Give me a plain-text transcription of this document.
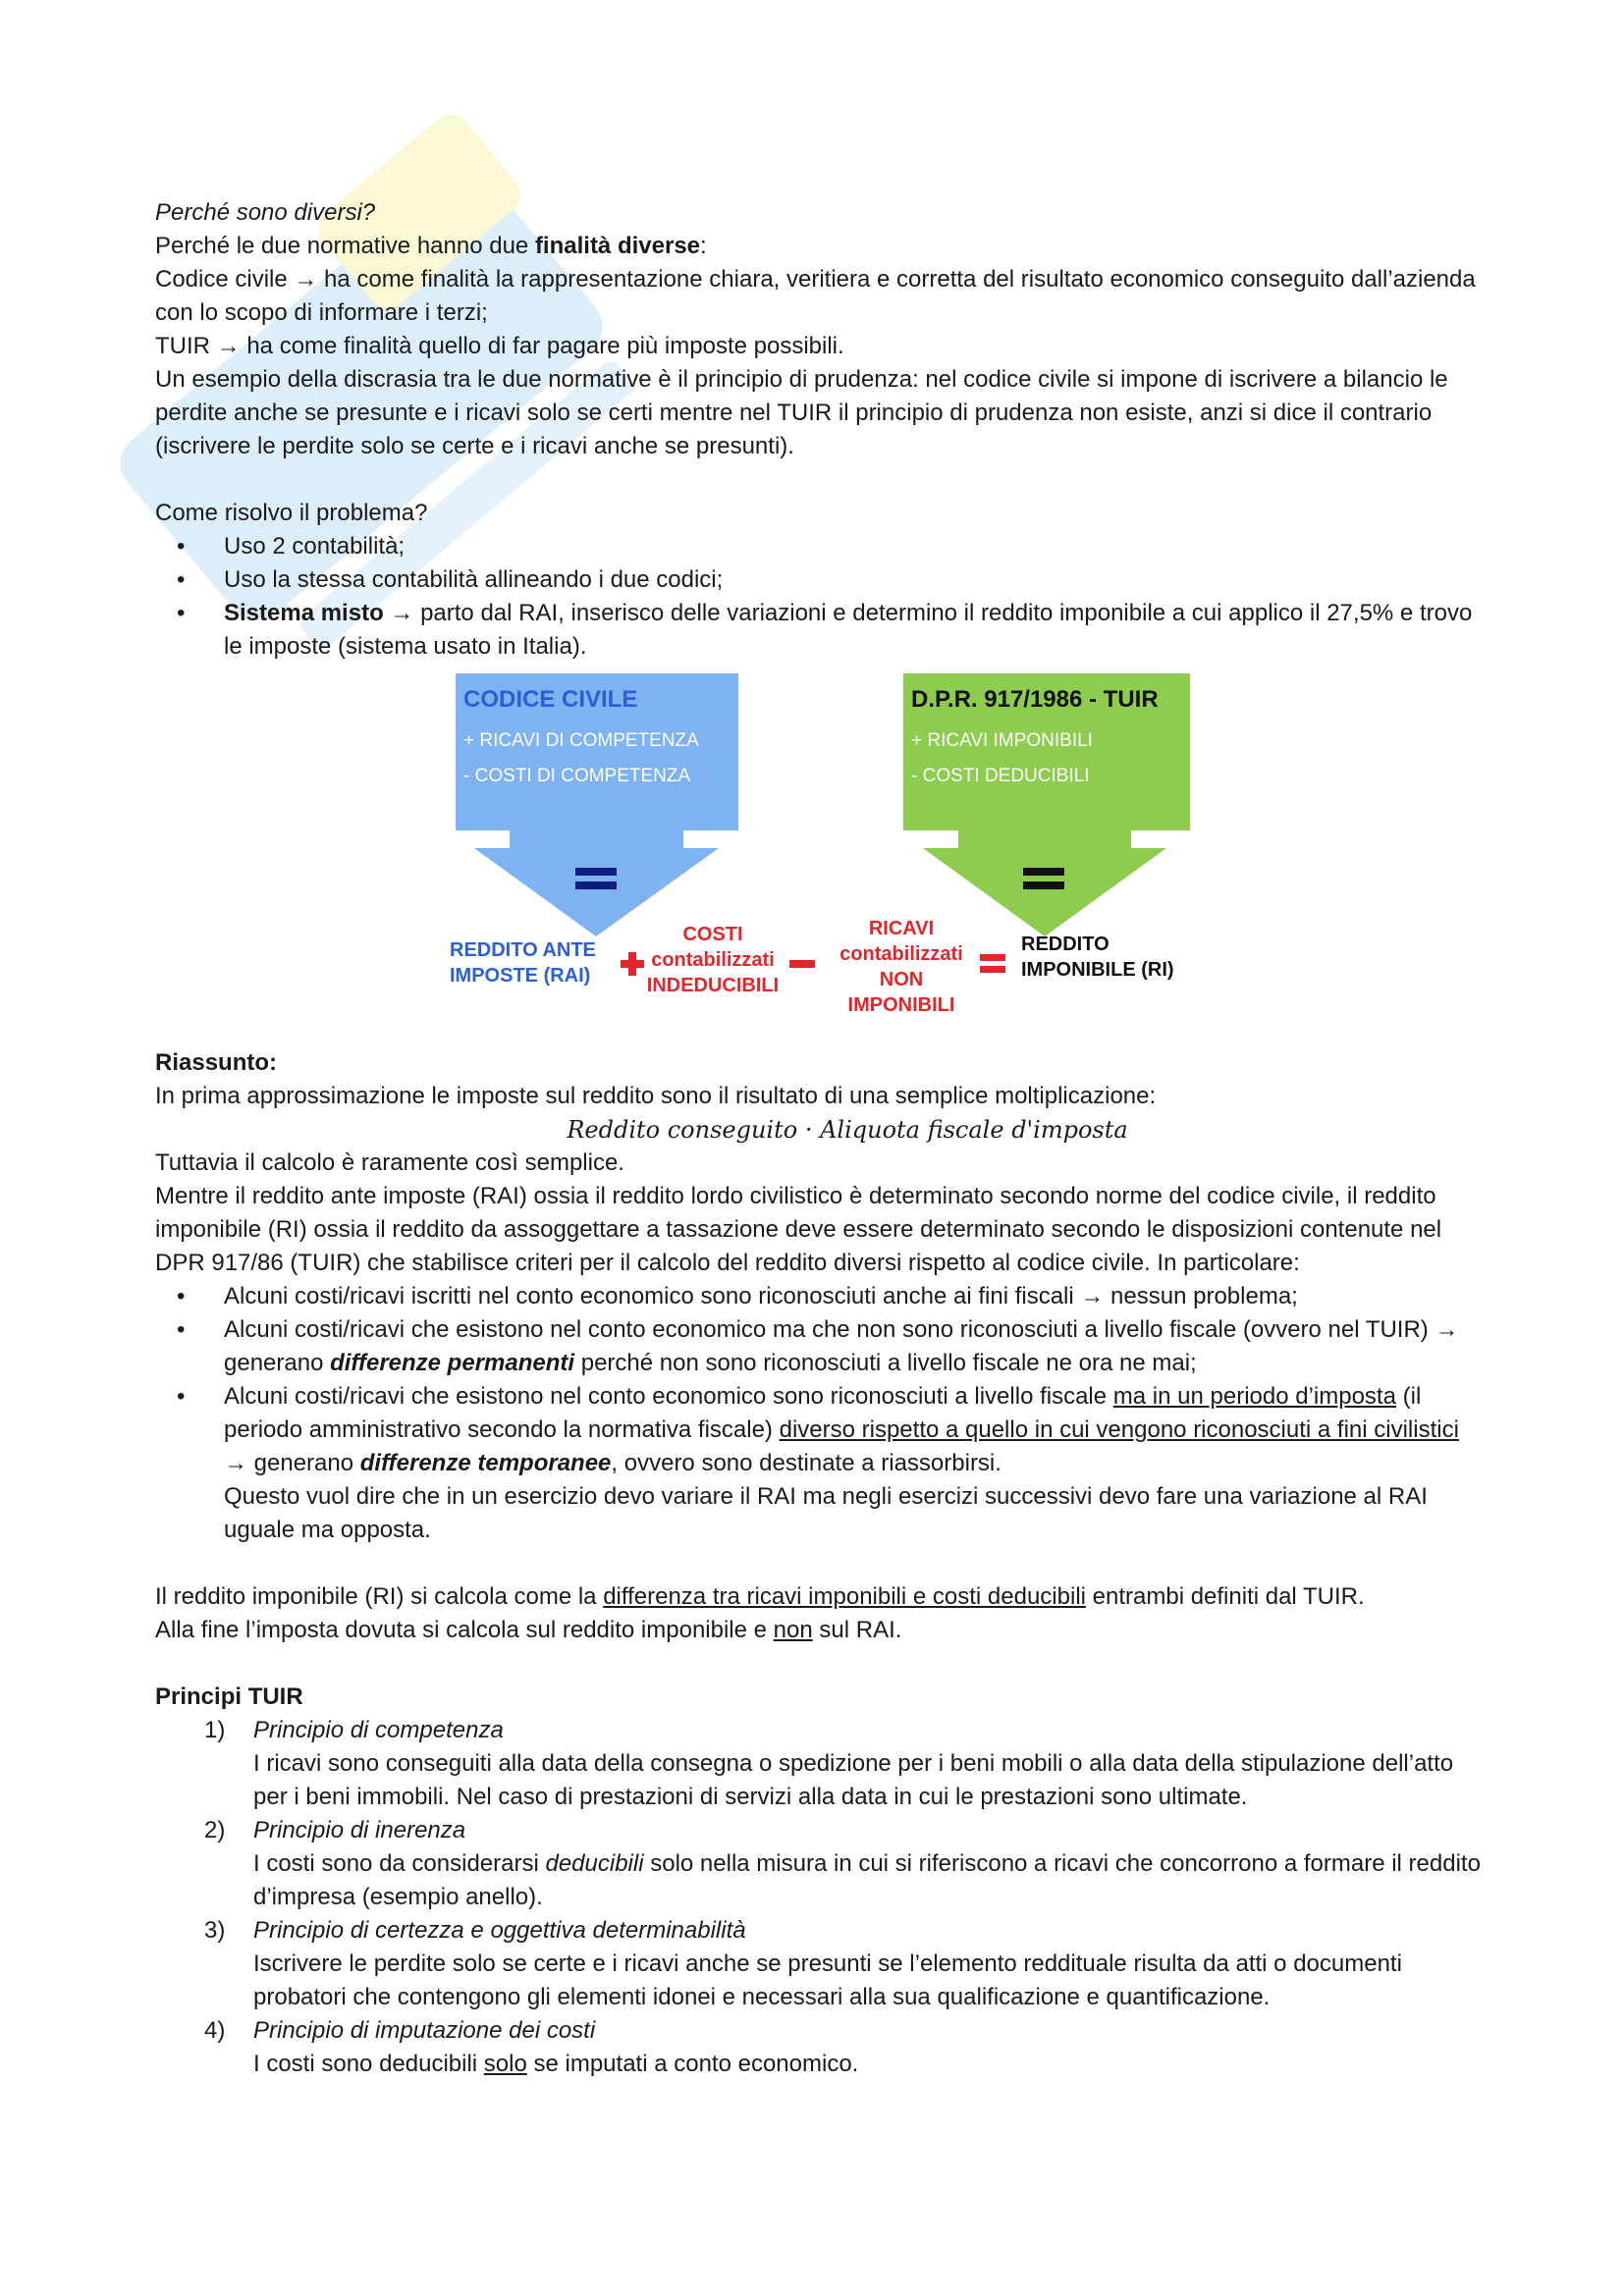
Perché sono diversi?

Perché le due normative hanno due finalità diverse:

Codice civile → ha come finalità la rappresentazione chiara, veritiera e corretta del risultato economico conseguito dall’azienda con lo scopo di informare i terzi;

TUIR → ha come finalità quello di far pagare più imposte possibili.

Un esempio della discrasia tra le due normative è il principio di prudenza: nel codice civile si impone di iscrivere a bilancio le perdite anche se presunte e i ricavi solo se certi mentre nel TUIR il principio di prudenza non esiste, anzi si dice il contrario (iscrivere le perdite solo se certe e i ricavi anche se presunti).

Come risolvo il problema?

• Uso 2 contabilità;
• Uso la stessa contabilità allineando i due codici;
• Sistema misto → parto dal RAI, inserisco delle variazioni e determino il reddito imponibile a cui applico il 27,5% e trovo le imposte (sistema usato in Italia).
CODICE CIVILE
+ RICAVI DI COMPETENZA
- COSTI DI COMPETENZA
D.P.R. 917/1986 - TUIR
+ RICAVI IMPONIBILI
- COSTI DEDUCIBILI
REDDITO ANTE
IMPOSTE (RAI)
COSTI
contabilizzati
INDEDUCIBILI
RICAVI
contabilizzati
NON
IMPONIBILI
REDDITO
IMPONIBILE (RI)

Riassunto:

In prima approssimazione le imposte sul reddito sono il risultato di una semplice moltiplicazione:

Reddito conseguito · Aliquota fiscale d'imposta

Tuttavia il calcolo è raramente così semplice.

Mentre il reddito ante imposte (RAI) ossia il reddito lordo civilistico è determinato secondo norme del codice civile, il reddito imponibile (RI) ossia il reddito da assoggettare a tassazione deve essere determinato secondo le disposizioni contenute nel DPR 917/86 (TUIR) che stabilisce criteri per il calcolo del reddito diversi rispetto al codice civile. In particolare:

• Alcuni costi/ricavi iscritti nel conto economico sono riconosciuti anche ai fini fiscali → nessun problema;
• Alcuni costi/ricavi che esistono nel conto economico ma che non sono riconosciuti a livello fiscale (ovvero nel TUIR) → generano differenze permanenti perché non sono riconosciuti a livello fiscale ne ora ne mai;
• Alcuni costi/ricavi che esistono nel conto economico sono riconosciuti a livello fiscale ma in un periodo d’imposta (il periodo amministrativo secondo la normativa fiscale) diverso rispetto a quello in cui vengono riconosciuti a fini civilistici → generano differenze temporanee, ovvero sono destinate a riassorbirsi.
Questo vuol dire che in un esercizio devo variare il RAI ma negli esercizi successivi devo fare una variazione al RAI uguale ma opposta.

Il reddito imponibile (RI) si calcola come la differenza tra ricavi imponibili e costi deducibili entrambi definiti dal TUIR.

Alla fine l’imposta dovuta si calcola sul reddito imponibile e non sul RAI.

Principi TUIR

1) Principio di competenza
I ricavi sono conseguiti alla data della consegna o spedizione per i beni mobili o alla data della stipulazione dell’atto per i beni immobili. Nel caso di prestazioni di servizi alla data in cui le prestazioni sono ultimate.
2) Principio di inerenza
I costi sono da considerarsi deducibili solo nella misura in cui si riferiscono a ricavi che concorrono a formare il reddito d’impresa (esempio anello).
3) Principio di certezza e oggettiva determinabilità
Iscrivere le perdite solo se certe e i ricavi anche se presunti se l’elemento reddituale risulta da atti o documenti probatori che contengono gli elementi idonei e necessari alla sua qualificazione e quantificazione.
4) Principio di imputazione dei costi
I costi sono deducibili solo se imputati a conto economico.
